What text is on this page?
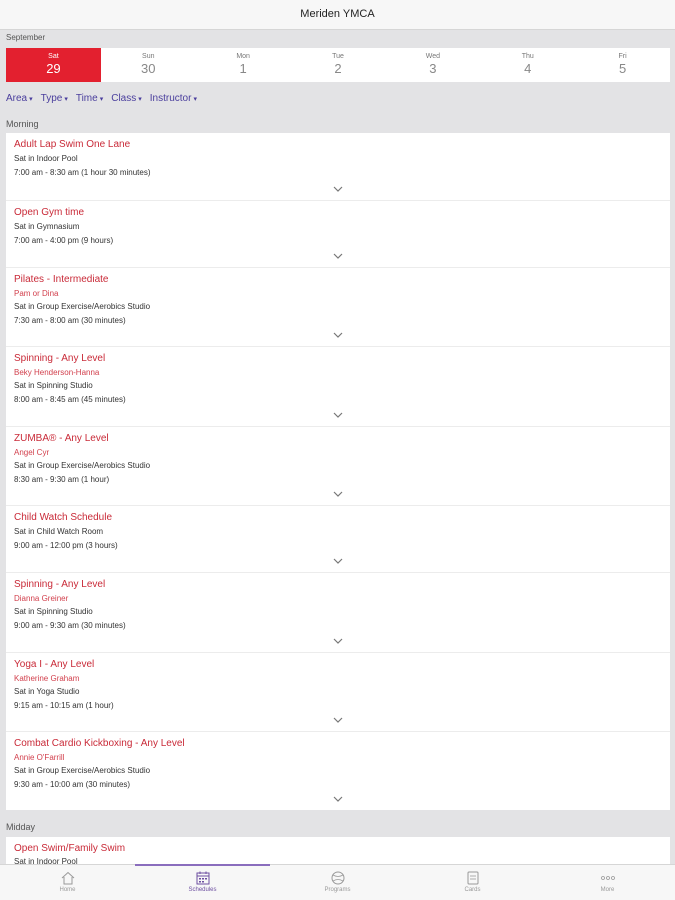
Meriden YMCA
September
Sat
29
Sun
30
Mon
1
Tue
2
Wed
3
Thu
4
Fri
5
Area ▾ Type ▾ Time ▾ Class ▾ Instructor ▾
Morning
Adult Lap Swim One Lane
Sat in Indoor Pool
7:00 am - 8:30 am (1 hour 30 minutes)
Open Gym time
Sat in Gymnasium
7:00 am - 4:00 pm (9 hours)
Pilates - Intermediate
Pam or Dina
Sat in Group Exercise/Aerobics Studio
7:30 am - 8:00 am (30 minutes)
Spinning - Any Level
Beky Henderson-Hanna
Sat in Spinning Studio
8:00 am - 8:45 am (45 minutes)
ZUMBA® - Any Level
Angel Cyr
Sat in Group Exercise/Aerobics Studio
8:30 am - 9:30 am (1 hour)
Child Watch Schedule
Sat in Child Watch Room
9:00 am - 12:00 pm (3 hours)
Spinning - Any Level
Dianna Greiner
Sat in Spinning Studio
9:00 am - 9:30 am (30 minutes)
Yoga I - Any Level
Katherine Graham
Sat in Yoga Studio
9:15 am - 10:15 am (1 hour)
Combat Cardio Kickboxing - Any Level
Annie O'Farrill
Sat in Group Exercise/Aerobics Studio
9:30 am - 10:00 am (30 minutes)
Midday
Open Swim/Family Swim
Sat in Indoor Pool
Home	Schedules	Programs	Cards	More
